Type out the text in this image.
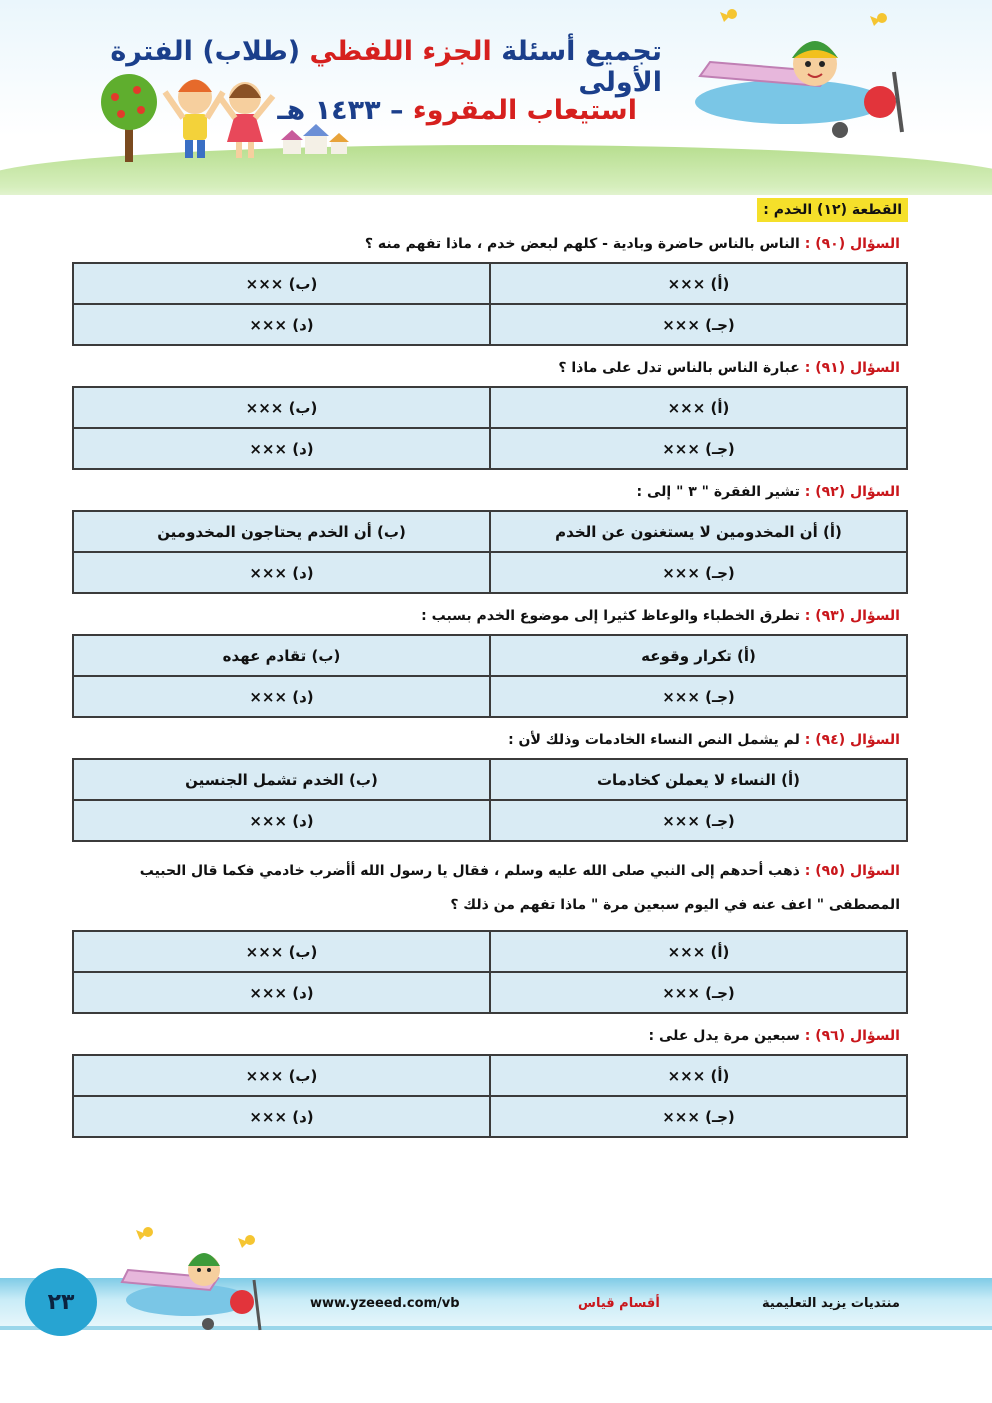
تجميع أسئلة الجزء اللفظي (طلاب) الفترة الأولى
استيعاب المقروء – ١٤٣٣ هـ
القطعة (١٢) الخدم :
السؤال (٩٠) : الناس بالناس حاضرة وبادية - كلهم لبعض خدم ، ماذا تفهم منه ؟
(أ) ×××	(ب) ×××
(جـ) ×××	(د) ×××
السؤال (٩١) : عبارة الناس بالناس تدل على ماذا ؟
(أ) ×××	(ب) ×××
(جـ) ×××	(د) ×××
السؤال (٩٢) : تشير الفقرة " ٣ " إلى :
(أ) أن المخدومين لا يستغنون عن الخدم	(ب) أن الخدم يحتاجون المخدومين
(جـ) ×××	(د) ×××
السؤال (٩٣) : تطرق الخطباء والوعاظ كثيرا إلى موضوع الخدم بسبب :
(أ) تكرار وقوعه	(ب) تقادم عهده
(جـ) ×××	(د) ×××
السؤال (٩٤) : لم يشمل النص النساء الخادمات وذلك لأن :
(أ) النساء لا يعملن كخادمات	(ب) الخدم تشمل الجنسين
(جـ) ×××	(د) ×××
السؤال (٩٥) : ذهب أحدهم إلى النبي صلى الله عليه وسلم ، فقال يا رسول الله أأضرب خادمي فكما قال الحبيب المصطفى " اعف عنه في اليوم سبعين مرة " ماذا تفهم من ذلك ؟
(أ) ×××	(ب) ×××
(جـ) ×××	(د) ×××
السؤال (٩٦) : سبعين مرة يدل على :
(أ) ×××	(ب) ×××
(جـ) ×××	(د) ×××
٢٣	www.yzeeed.com/vb	أقسام قياس	منتديات يزيد التعليمية
